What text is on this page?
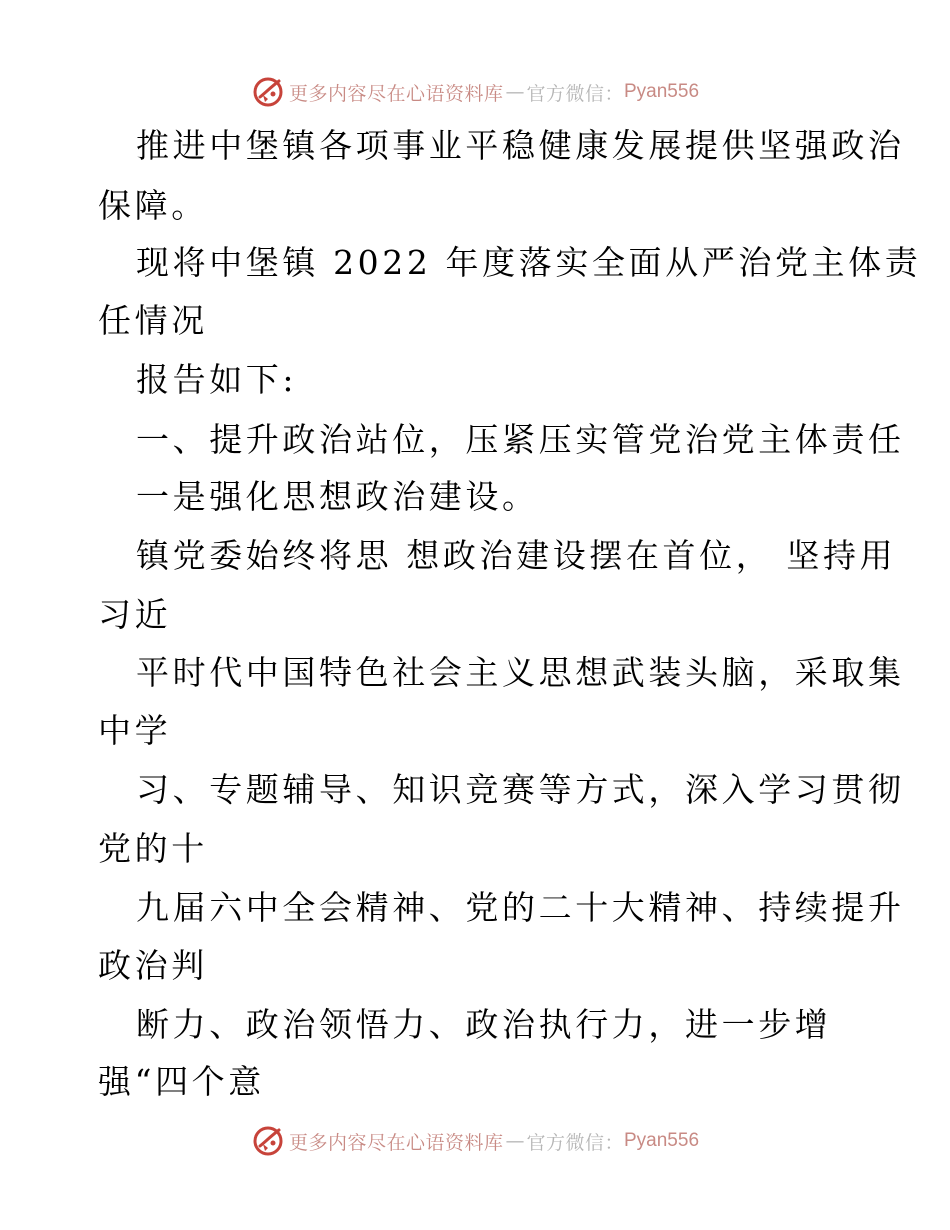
更多内容尽在心语资料库 — 官方微信： Pyan556
推进中堡镇各项事业平稳健康发展提供坚强政治
保障。
现将中堡镇 2022 年度落实全面从严治党主体责
任情况
报告如下:
一、提升政治站位，压紧压实管党治党主体责任
一是强化思想政治建设。
镇党委始终将思 想政治建设摆在首位， 坚持用
习近
平时代中国特色社会主义思想武装头脑，采取集
中学
习、专题辅导、知识竞赛等方式，深入学习贯彻
党的十
九届六中全会精神、党的二十大精神、持续提升
政治判
断力、政治领悟力、政治执行力，进一步增
强“四个意
更多内容尽在心语资料库 — 官方微信： Pyan556
